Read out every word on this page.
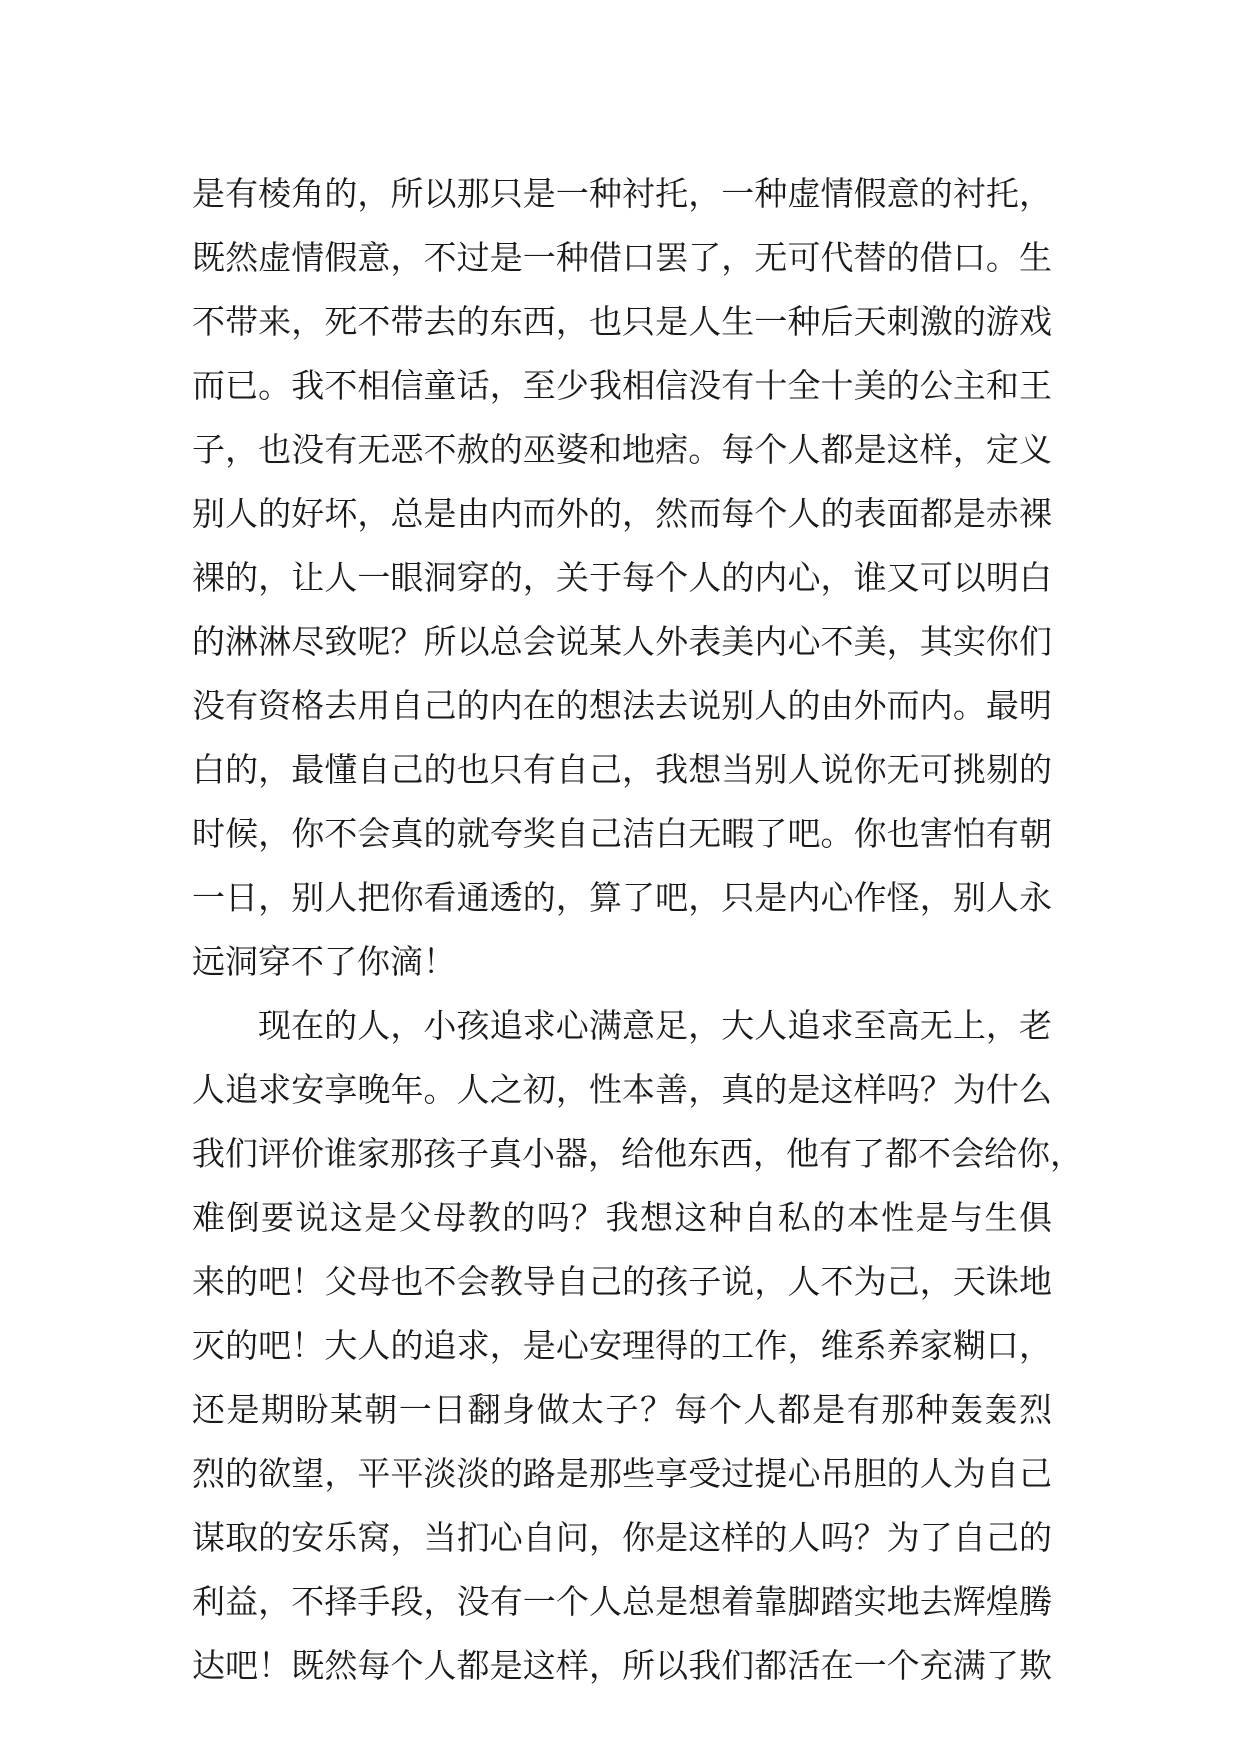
是有棱角的，所以那只是一种衬托，一种虚情假意的衬托，
既然虚情假意，不过是一种借口罢了，无可代替的借口。生
不带来，死不带去的东西，也只是人生一种后天刺激的游戏
而已。我不相信童话，至少我相信没有十全十美的公主和王
子，也没有无恶不赦的巫婆和地痞。每个人都是这样，定义
别人的好坏，总是由内而外的，然而每个人的表面都是赤裸
裸的，让人一眼洞穿的，关于每个人的内心，谁又可以明白
的淋淋尽致呢？所以总会说某人外表美内心不美，其实你们
没有资格去用自己的内在的想法去说别人的由外而内。最明
白的，最懂自己的也只有自己，我想当别人说你无可挑剔的
时候，你不会真的就夸奖自己洁白无暇了吧。你也害怕有朝
一日，别人把你看通透的，算了吧，只是内心作怪，别人永
远洞穿不了你滴！
现在的人，小孩追求心满意足，大人追求至高无上，老
人追求安享晚年。人之初，性本善，真的是这样吗？为什么
我们评价谁家那孩子真小器，给他东西，他有了都不会给你，
难倒要说这是父母教的吗？我想这种自私的本性是与生俱
来的吧！父母也不会教导自己的孩子说，人不为己，天诛地
灭的吧！大人的追求，是心安理得的工作，维系养家糊口，
还是期盼某朝一日翻身做太子？每个人都是有那种轰轰烈
烈的欲望，平平淡淡的路是那些享受过提心吊胆的人为自己
谋取的安乐窝，当扪心自问，你是这样的人吗？为了自己的
利益，不择手段，没有一个人总是想着靠脚踏实地去辉煌腾
达吧！既然每个人都是这样，所以我们都活在一个充满了欺
